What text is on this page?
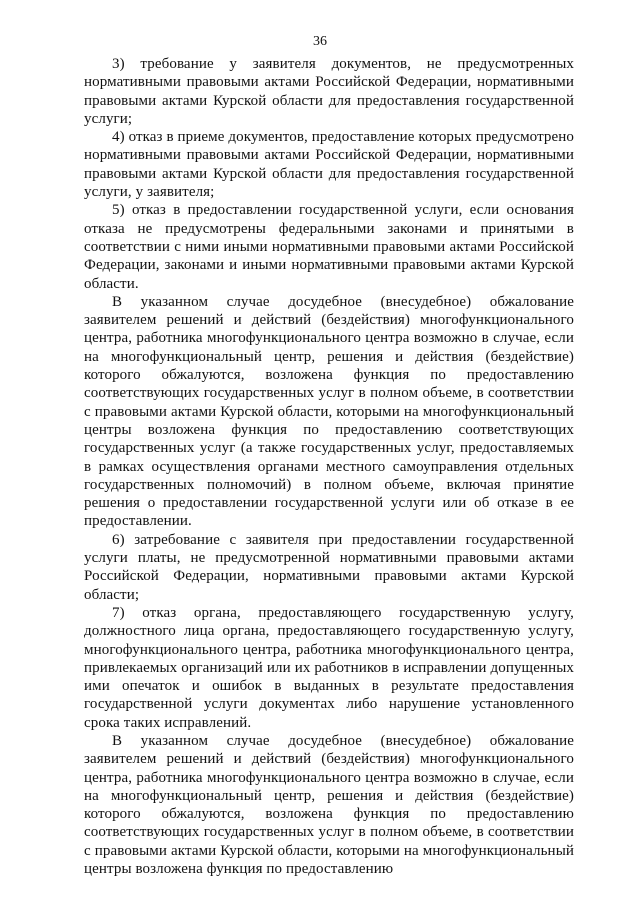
36

3) требование у заявителя документов, не предусмотренных нормативными правовыми актами Российской Федерации, нормативными правовыми актами Курской области для предоставления государственной услуги;

4) отказ в приеме документов, предоставление которых предусмотрено нормативными правовыми актами Российской Федерации, нормативными правовыми актами Курской области для предоставления государственной услуги, у заявителя;

5) отказ в предоставлении государственной услуги, если основания отказа не предусмотрены федеральными законами и принятыми в соответствии с ними иными нормативными правовыми актами Российской Федерации, законами и иными нормативными правовыми актами Курской области.

В указанном случае досудебное (внесудебное) обжалование заявителем решений и действий (бездействия) многофункционального центра, работника многофункционального центра возможно в случае, если на многофункциональный центр, решения и действия (бездействие) которого обжалуются, возложена функция по предоставлению соответствующих государственных услуг в полном объеме, в соответствии с правовыми актами Курской области, которыми на многофункциональный центры возложена функция по предоставлению соответствующих государственных услуг (а также государственных услуг, предоставляемых в рамках осуществления органами местного самоуправления отдельных государственных полномочий) в полном объеме, включая принятие решения о предоставлении государственной услуги или об отказе в ее предоставлении.

6) затребование с заявителя при предоставлении государственной услуги платы, не предусмотренной нормативными правовыми актами Российской Федерации, нормативными правовыми актами Курской области;

7) отказ органа, предоставляющего государственную услугу, должностного лица органа, предоставляющего государственную услугу, многофункционального центра, работника многофункционального центра, привлекаемых организаций или их работников в исправлении допущенных ими опечаток и ошибок в выданных в результате предоставления государственной услуги документах либо нарушение установленного срока таких исправлений.

В указанном случае досудебное (внесудебное) обжалование заявителем решений и действий (бездействия) многофункционального центра, работника многофункционального центра возможно в случае, если на многофункциональный центр, решения и действия (бездействие) которого обжалуются, возложена функция по предоставлению соответствующих государственных услуг в полном объеме, в соответствии с правовыми актами Курской области, которыми на многофункциональный центры возложена функция по предоставлению
